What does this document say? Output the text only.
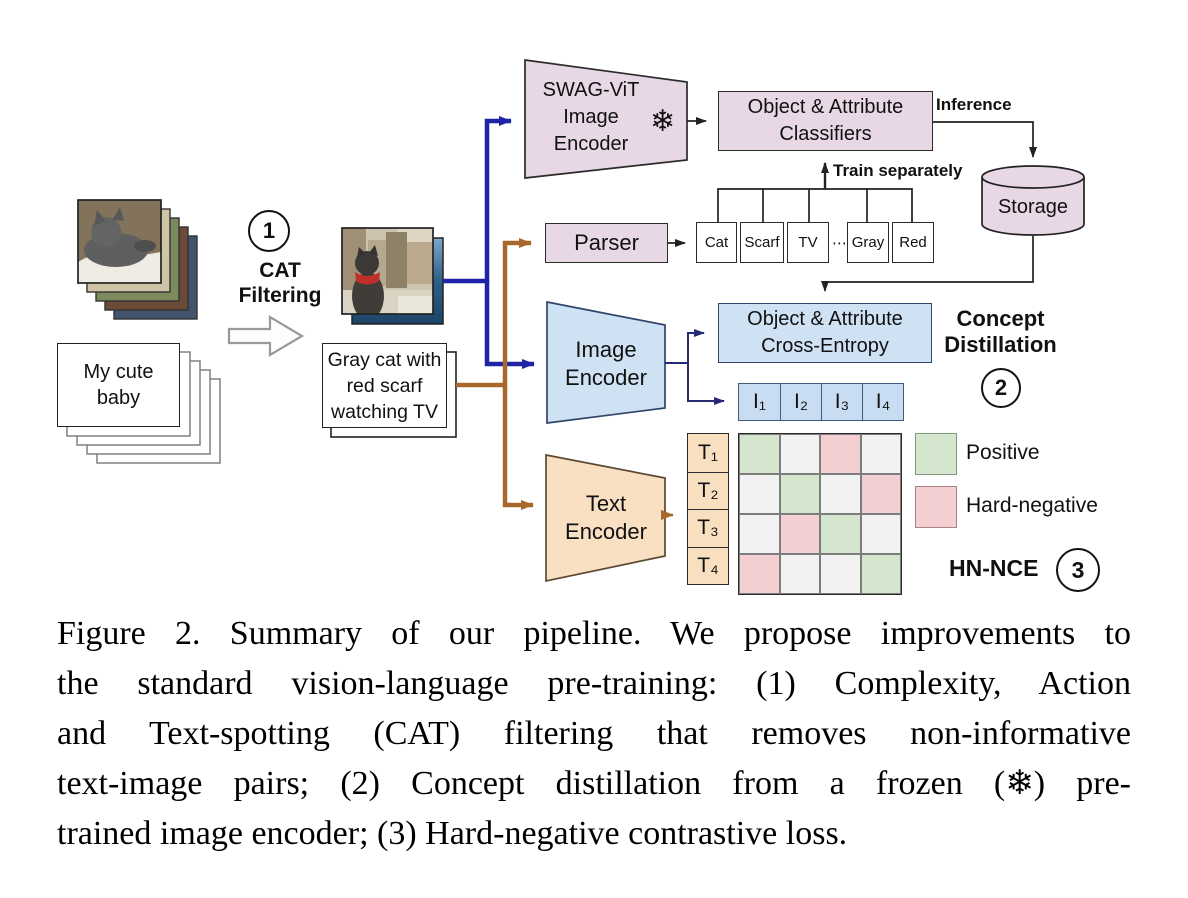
1
CAT
Filtering
My cute
baby
Gray cat with
red scarf
watching TV
SWAG-ViT
Image
Encoder
❄	Object & Attribute
Classifiers
Inference
Storage
Parser	Cat	Scarf	TV ⋯ Gray Red
Train separately
Image
Encoder
Object & Attribute
Cross-Entropy
Concept
Distillation
2
I₁	I₂	I₃	I₄
Text
Encoder
T₁
T₂
T₃
T₄
Positive
Hard-negative
HN-NCE 3
Figure 2. Summary of our pipeline. We propose improvements to
the standard vision-language pre-training: (1) Complexity, Action
and Text-spotting (CAT) filtering that removes non-informative
text-image pairs; (2) Concept distillation from a frozen (❄) pre-
trained image encoder; (3) Hard-negative contrastive loss.
